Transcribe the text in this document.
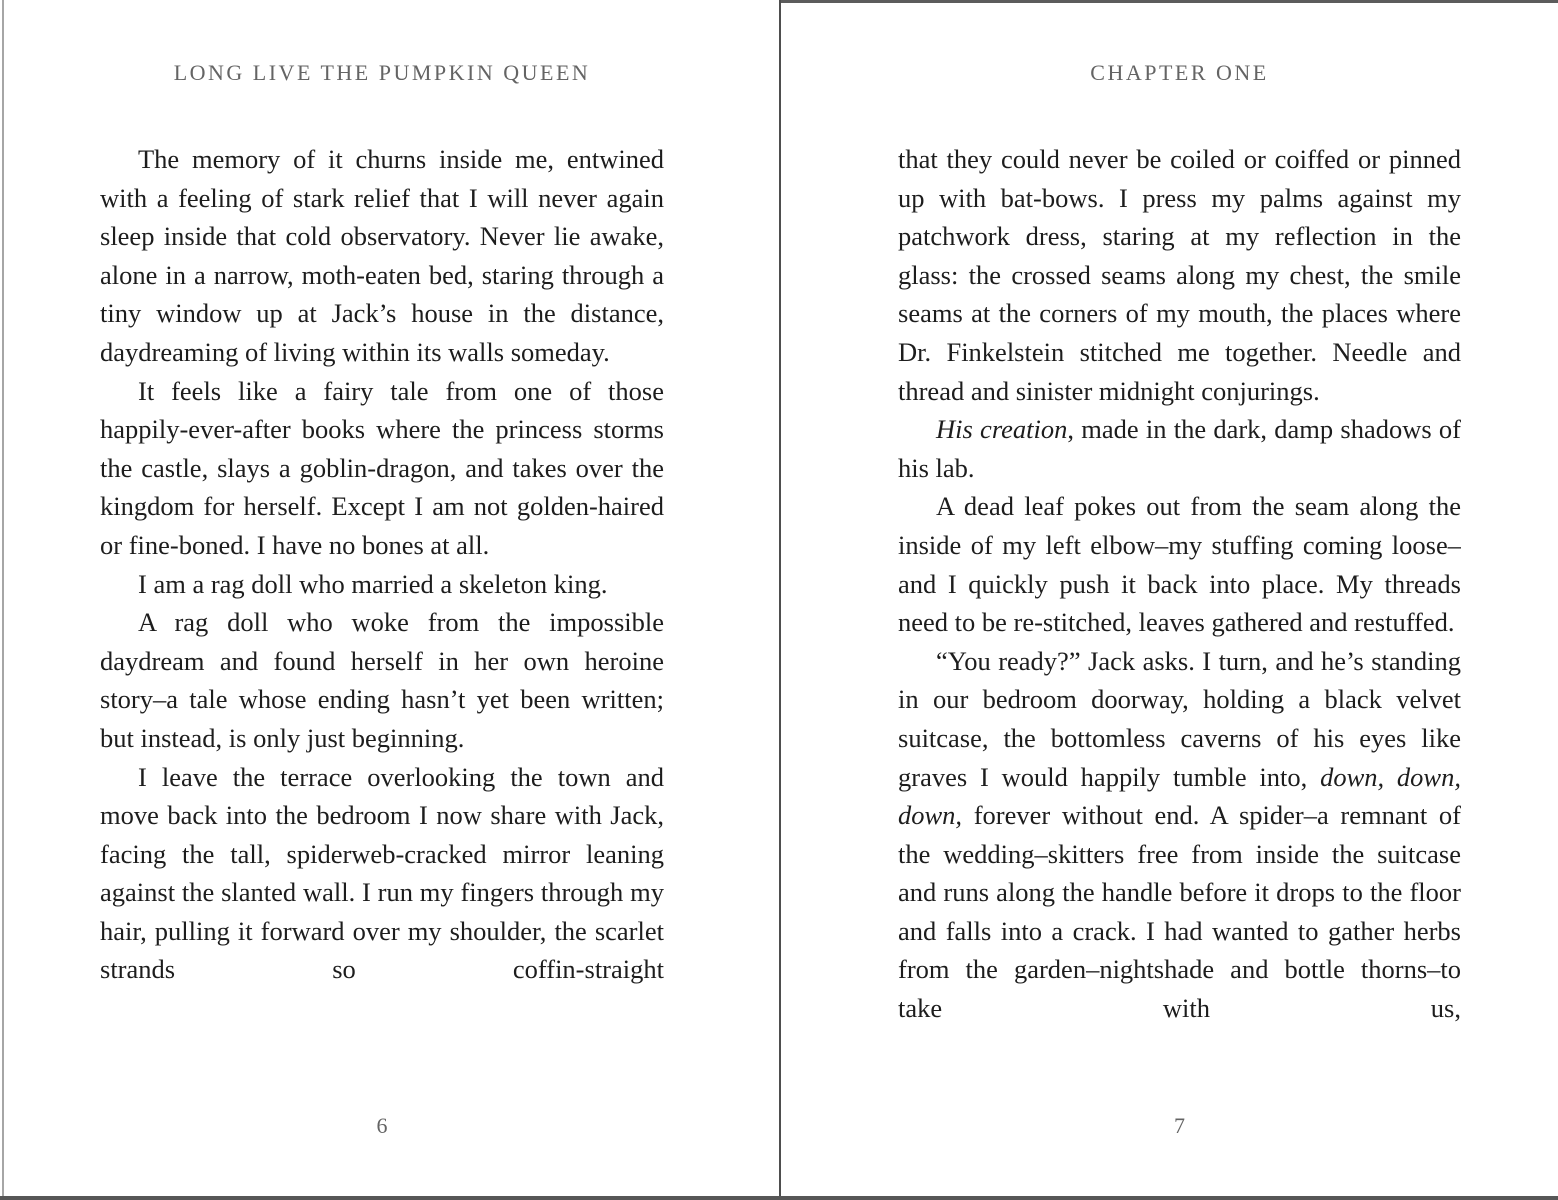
LONG LIVE THE PUMPKIN QUEEN

The memory of it churns inside me, entwined with a feeling of stark relief that I will never again sleep inside that cold observatory. Never lie awake, alone in a narrow, moth-eaten bed, staring through a tiny window up at Jack’s house in the distance, daydreaming of living within its walls someday.

It feels like a fairy tale from one of those happily-ever-after books where the princess storms the castle, slays a goblin-dragon, and takes over the kingdom for herself. Except I am not golden-haired or fine-boned. I have no bones at all.

I am a rag doll who married a skeleton king.

A rag doll who woke from the impossible daydream and found herself in her own heroine story–a tale whose ending hasn’t yet been written; but instead, is only just beginning.

I leave the terrace overlooking the town and move back into the bedroom I now share with Jack, facing the tall, spiderweb-cracked mirror leaning against the slanted wall. I run my fingers through my hair, pulling it forward over my shoulder, the scarlet strands so coffin-straight

6
CHAPTER ONE

that they could never be coiled or coiffed or pinned up with bat-bows. I press my palms against my patchwork dress, staring at my reflection in the glass: the crossed seams along my chest, the smile seams at the corners of my mouth, the places where Dr. Finkelstein stitched me together. Needle and thread and sinister midnight conjurings.

His creation, made in the dark, damp shadows of his lab.

A dead leaf pokes out from the seam along the inside of my left elbow–my stuffing coming loose–and I quickly push it back into place. My threads need to be re-stitched, leaves gathered and restuffed.

“You ready?” Jack asks. I turn, and he’s standing in our bedroom doorway, holding a black velvet suitcase, the bottomless caverns of his eyes like graves I would happily tumble into, down, down, down, forever without end. A spider–a remnant of the wedding–skitters free from inside the suitcase and runs along the handle before it drops to the floor and falls into a crack. I had wanted to gather herbs from the garden–nightshade and bottle thorns–to take with us,

7
